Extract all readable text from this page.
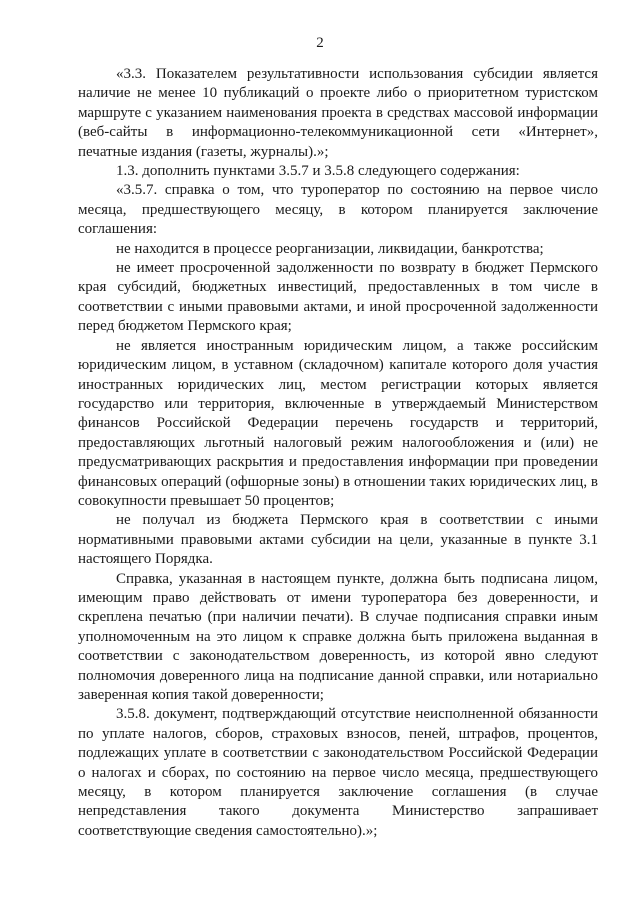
2

«3.3. Показателем результативности использования субсидии является наличие не менее 10 публикаций о проекте либо о приоритетном туристском маршруте с указанием наименования проекта в средствах массовой информации (веб-сайты в информационно-телекоммуникационной сети «Интернет», печатные издания (газеты, журналы).»;

1.3. дополнить пунктами 3.5.7 и 3.5.8 следующего содержания:

«3.5.7. справка о том, что туроператор по состоянию на первое число месяца, предшествующего месяцу, в котором планируется заключение соглашения:

не находится в процессе реорганизации, ликвидации, банкротства;

не имеет просроченной задолженности по возврату в бюджет Пермского края субсидий, бюджетных инвестиций, предоставленных в том числе в соответствии с иными правовыми актами, и иной просроченной задолженности перед бюджетом Пермского края;

не является иностранным юридическим лицом, а также российским юридическим лицом, в уставном (складочном) капитале которого доля участия иностранных юридических лиц, местом регистрации которых является государство или территория, включенные в утверждаемый Министерством финансов Российской Федерации перечень государств и территорий, предоставляющих льготный налоговый режим налогообложения и (или) не предусматривающих раскрытия и предоставления информации при проведении финансовых операций (офшорные зоны) в отношении таких юридических лиц, в совокупности превышает 50 процентов;

не получал из бюджета Пермского края в соответствии с иными нормативными правовыми актами субсидии на цели, указанные в пункте 3.1 настоящего Порядка.

Справка, указанная в настоящем пункте, должна быть подписана лицом, имеющим право действовать от имени туроператора без доверенности, и скреплена печатью (при наличии печати). В случае подписания справки иным уполномоченным на это лицом к справке должна быть приложена выданная в соответствии с законодательством доверенность, из которой явно следуют полномочия доверенного лица на подписание данной справки, или нотариально заверенная копия такой доверенности;

3.5.8. документ, подтверждающий отсутствие неисполненной обязанности по уплате налогов, сборов, страховых взносов, пеней, штрафов, процентов, подлежащих уплате в соответствии с законодательством Российской Федерации о налогах и сборах, по состоянию на первое число месяца, предшествующего месяцу, в котором планируется заключение соглашения (в случае непредставления такого документа Министерство запрашивает соответствующие сведения самостоятельно).»;
